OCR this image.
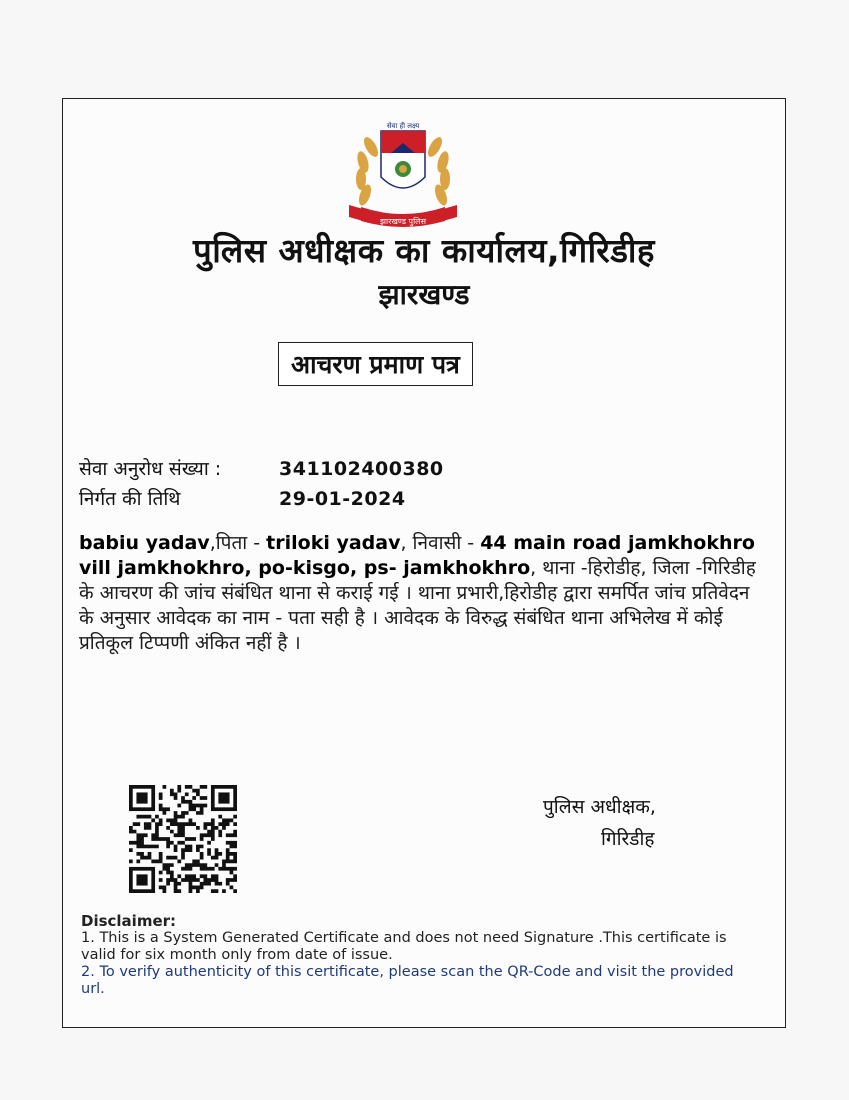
सेवा ही लक्ष्य
झारखण्ड पुलिस
पुलिस अधीक्षक का कार्यालय,गिरिडीह
झारखण्ड
आचरण प्रमाण पत्र
सेवा अनुरोध संख्या :	341102400380
निर्गत की तिथि	29-01-2024
babiu yadav,पिता - triloki yadav, निवासी - 44 main road jamkhokhro vill jamkhokhro, po-kisgo, ps- jamkhokhro, थाना -हिरोडीह, जिला -गिरिडीह के आचरण की जांच संबंधित थाना से कराई गई । थाना प्रभारी,हिरोडीह द्वारा समर्पित जांच प्रतिवेदन के अनुसार आवेदक का नाम - पता सही है । आवेदक के विरुद्ध संबंधित थाना अभिलेख में कोई प्रतिकूल टिप्पणी अंकित नहीं है ।
पुलिस अधीक्षक,
गिरिडीह
Disclaimer:
1. This is a System Generated Certificate and does not need Signature .This certificate is valid for six month only from date of issue.
2. To verify authenticity of this certificate, please scan the QR-Code and visit the provided url.
